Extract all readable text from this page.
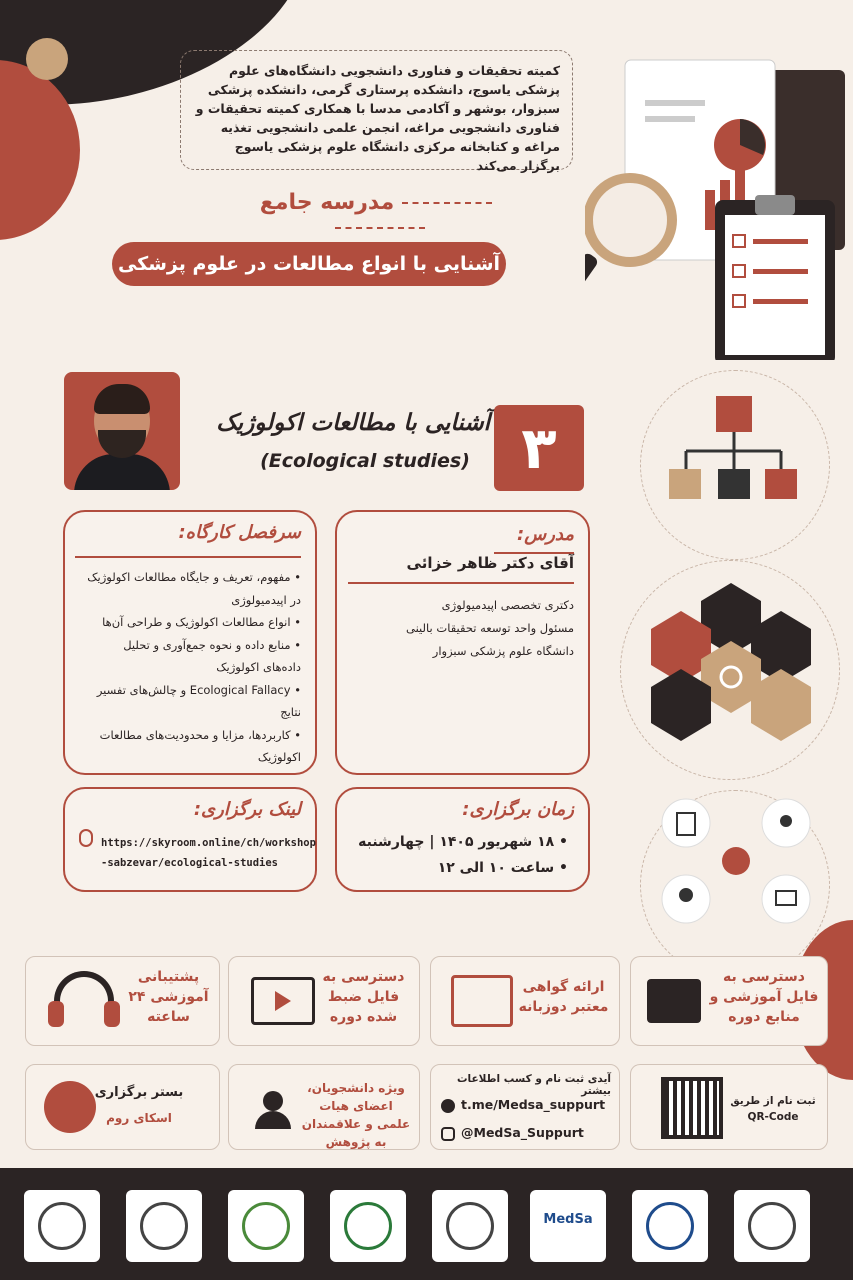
کمیته تحقیقات و فناوری دانشجویی دانشگاه‌های علوم پزشکی یاسوج، دانشکده پرستاری گرمی، دانشکده پزشکی سبزوار، بوشهر و آکادمی مدسا با همکاری کمیته تحقیقات و فناوری دانشجویی مراغه، انجمن علمی دانشجویی تغذیه مراغه و کتابخانه مرکزی دانشگاه علوم پزشکی یاسوج برگزار می‌کند
مدرسه جامع
آشنایی با انواع مطالعات در علوم پزشکی
آشنایی با مطالعات اکولوژیک
(Ecological studies) ۳
مدرس:
آقای دکتر ظاهر خزائی
دکتری تخصصی اپیدمیولوژی
مسئول واحد توسعه تحقیقات بالینی
دانشگاه علوم پزشکی سبزوار
سرفصل کارگاه:
• مفهوم، تعریف و جایگاه مطالعات اکولوژیک
در اپیدمیولوژی
• انواع مطالعات اکولوژیک و طراحی آن‌ها
• منابع داده و نحوه جمع‌آوری و تحلیل
داده‌های اکولوژیک
• Ecological Fallacy و چالش‌های تفسیر نتایج
• کاربردها، مزایا و محدودیت‌های مطالعات
اکولوژیک
زمان برگزاری:
• ۱۸ شهریور ۱۴۰۵ | چهارشنبه
• ساعت ۱۰ الی ۱۲
لینک برگزاری:
https://skyroom.online/ch/workshop
-sabzevar/ecological-studies
دسترسی به فایل آموزشی و منابع دوره
ارائه گواهی معتبر دوزبانه
دسترسی به فایل ضبط شده دوره
پشتیبانی آموزشی ۲۴ ساعته
ثبت نام از طریق QR-Code
آیدی ثبت نام و کسب اطلاعات بیشتر
t.me/Medsa_suppurt
@MedSa_Suppurt
ویژه دانشجویان، اعضای هیات علمی و علاقمندان به پژوهش
بستر برگزاری
اسکای روم
MedSa
